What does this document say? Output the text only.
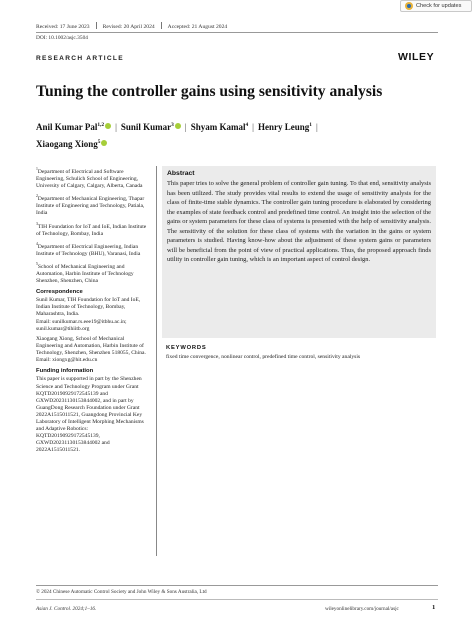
Received: 17 June 2023 Revised: 20 April 2024 Accepted: 21 August 2024
DOI: 10.1002/asjc.3504
Check for updates
RESEARCH ARTICLE	WILEY
Tuning the controller gains using sensitivity analysis
Anil Kumar Pal$^{1,2}$ | Sunil Kumar$^3$ | Shyam Kamal$^4$ | Henry Leung$^1$ |
Xiaogang Xiong$^5$

$^1$Department of Electrical and Software Engineering, Schulich School of Engineering, University of Calgary, Calgary, Alberta, Canada

$^2$Department of Mechanical Engineering, Thapar Institute of Engineering and Technology, Patiala, India

$^3$TIH Foundation for IoT and IoE, Indian Institute of Technology, Bombay, India

$^4$Department of Electrical Engineering, Indian Institute of Technology (BHU), Varanasi, India

$^5$School of Mechanical Engineering and Automation, Harbin Institute of Technology Shenzhen, Shenzhen, China

Correspondence

Sunil Kumar, TIH Foundation for IoT and IoE, Indian Institute of Technology, Bombay, Maharashtra, India.
Email: sunilkumar.rs.eee19@itbhu.ac.in; sunil.kumar@tihiitb.org

Xiaogang Xiong, School of Mechanical Engineering and Automation, Harbin Institute of Technology, Shenzhen, Shenzhen 518055, China.
Email: xiongxg@hit.edu.cn

Funding information

This paper is supported in part by the Shenzhen Science and Technology Program under Grant KQTD20190929172545139 and GXWD20231130153844002, and in part by GuangDong Research Foundation under Grant 2022A1515011521, Guangdong Provincial Key Laboratory of Intelligent Morphing Mechanisms and Adaptive Robotics: KQTD20190929172545139, GXWD20231130153844002 and 2022A1515011521.

Abstract
This paper tries to solve the general problem of controller gain tuning. To that end, sensitivity analysis has been utilized. The study provides vital results to extend the usage of sensitivity analysis for the class of finite-time stable dynamics. The controller gain tuning procedure is elaborated by considering the examples of state feedback control and predefined time control. An insight into the selection of the gains or system parameters for these class of systems is presented with the help of sensitivity analysis. The sensitivity of the solution for these class of systems with the variation in the gains or system parameters is studied. Having know-how about the adjustment of these system gains or parameters will be beneficial from the point of view of practical applications. Thus, the proposed approach finds utility in controller gain tuning, which is an important aspect of control design.
KEYWORDS
fixed time convergence, nonlinear control, predefined time control, sensitivity analysis
© 2024 Chinese Automatic Control Society and John Wiley & Sons Australia, Ltd
Asian J. Control. 2024;1–16.	wileyonlinelibrary.com/journal/asjc	1
